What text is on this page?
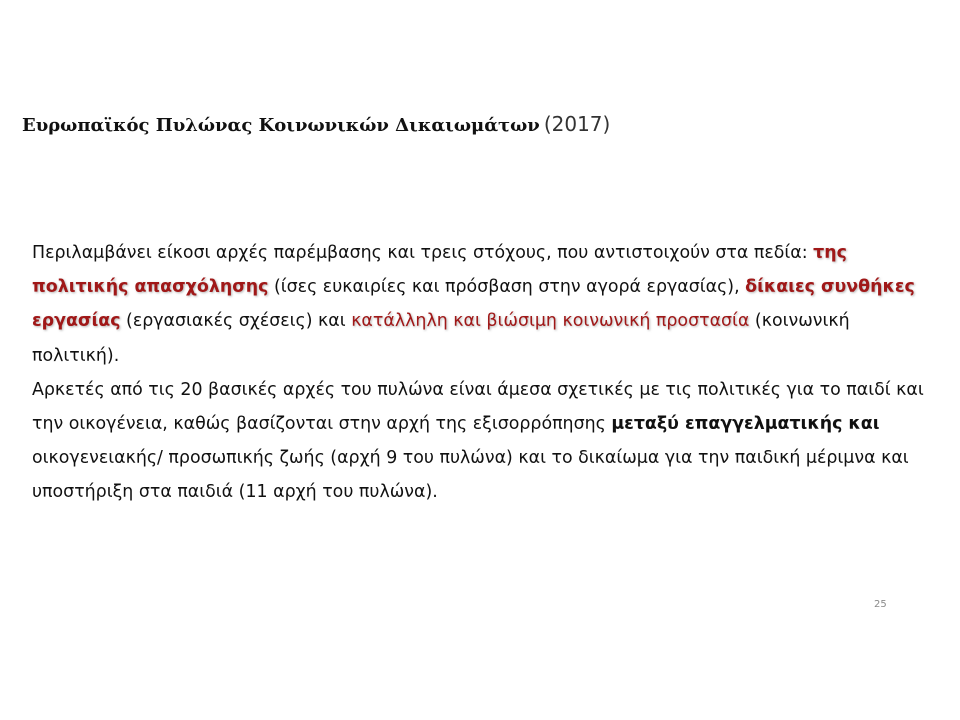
Ευρωπαϊκός Πυλώνας Κοινωνικών Δικαιωμάτων (2017)

Περιλαμβάνει είκοσι αρχές παρέμβασης και τρεις στόχους, που αντιστοιχούν στα πεδία: της πολιτικής απασχόλησης (ίσες ευκαιρίες και πρόσβαση στην αγορά εργασίας), δίκαιες συνθήκες εργασίας (εργασιακές σχέσεις) και κατάλληλη και βιώσιμη κοινωνική προστασία (κοινωνική πολιτική).

Αρκετές από τις 20 βασικές αρχές του πυλώνα είναι άμεσα σχετικές με τις πολιτικές για το παιδί και την οικογένεια, καθώς βασίζονται στην αρχή της εξισορρόπησης μεταξύ επαγγελματικής και οικογενειακής/ προσωπικής ζωής (αρχή 9 του πυλώνα) και το δικαίωμα για την παιδική μέριμνα και υποστήριξη στα παιδιά (11 αρχή του πυλώνα).

25
